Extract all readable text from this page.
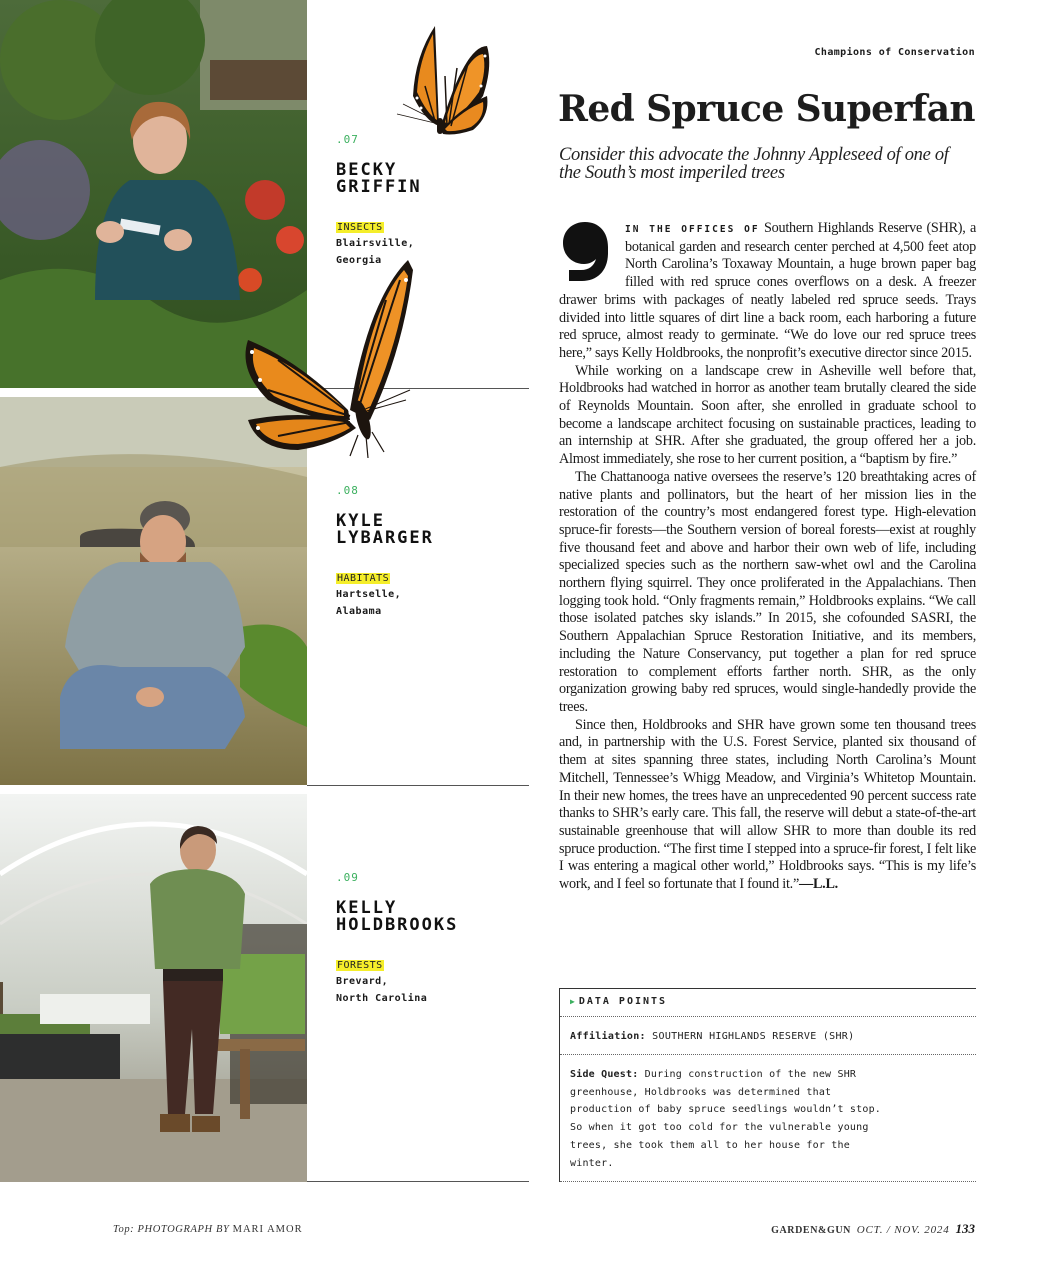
.07
BECKY
GRIFFIN
INSECTS
Blairsville,
Georgia
.08
KYLE
LYBARGER
HABITATS
Hartselle,
Alabama
.09
KELLY
HOLDBROOKS
FORESTS
Brevard,
North Carolina
Champions of Conservation
Red Spruce Superfan
Consider this advocate the Johnny Appleseed of one of the South’s most imperiled trees

IN THE OFFICES OF Southern Highlands Reserve (SHR), a botanical garden and research center perched at 4,500 feet atop North Carolina’s Toxaway Mountain, a huge brown paper bag filled with red spruce cones overflows on a desk. A freezer drawer brims with packages of neatly labeled red spruce seeds. Trays divided into little squares of dirt line a back room, each harboring a future red spruce, almost ready to germinate. “We do love our red spruce trees here,” says Kelly Holdbrooks, the nonprofit’s executive director since 2015.

While working on a landscape crew in Asheville well before that, Holdbrooks had watched in horror as another team brutally cleared the side of Reynolds Mountain. Soon after, she enrolled in graduate school to become a landscape architect focusing on sustainable practices, leading to an internship at SHR. After she graduated, the group offered her a job. Almost immediately, she rose to her current position, a “baptism by fire.”

The Chattanooga native oversees the reserve’s 120 breathtaking acres of native plants and pollinators, but the heart of her mission lies in the restoration of the country’s most endangered forest type. High-elevation spruce-fir forests—the Southern version of boreal forests—exist at roughly five thousand feet and above and harbor their own web of life, including specialized species such as the northern saw-whet owl and the Carolina northern flying squirrel. They once proliferated in the Appalachians. Then logging took hold. “Only fragments remain,” Holdbrooks explains. “We call those isolated patches sky islands.” In 2015, she cofounded SASRI, the Southern Appalachian Spruce Restoration Initiative, and its members, including the Nature Conservancy, put together a plan for red spruce restoration to complement efforts farther north. SHR, as the only organization growing baby red spruces, would single-handedly provide the trees.

Since then, Holdbrooks and SHR have grown some ten thousand trees and, in partnership with the U.S. Forest Service, planted six thousand of them at sites spanning three states, including North Carolina’s Mount Mitchell, Tennessee’s Whigg Meadow, and Virginia’s Whitetop Mountain. In their new homes, the trees have an unprecedented 90 percent success rate thanks to SHR’s early care. This fall, the reserve will debut a state-of-the-art sustainable greenhouse that will allow SHR to more than double its red spruce production. “The first time I stepped into a spruce-fir forest, I felt like I was entering a magical other world,” Holdbrooks says. “This is my life’s work, and I feel so fortunate that I found it.”—L.L.

▶ DATA POINTS
Affiliation: SOUTHERN HIGHLANDS RESERVE (SHR)
Side Quest: During construction of the new SHR greenhouse, Holdbrooks was determined that production of baby spruce seedlings wouldn’t stop. So when it got too cold for the vulnerable young trees, she took them all to her house for the winter.
Top: PHOTOGRAPH BY MARI AMOR	GARDEN&GUN OCT. / NOV. 2024 133
